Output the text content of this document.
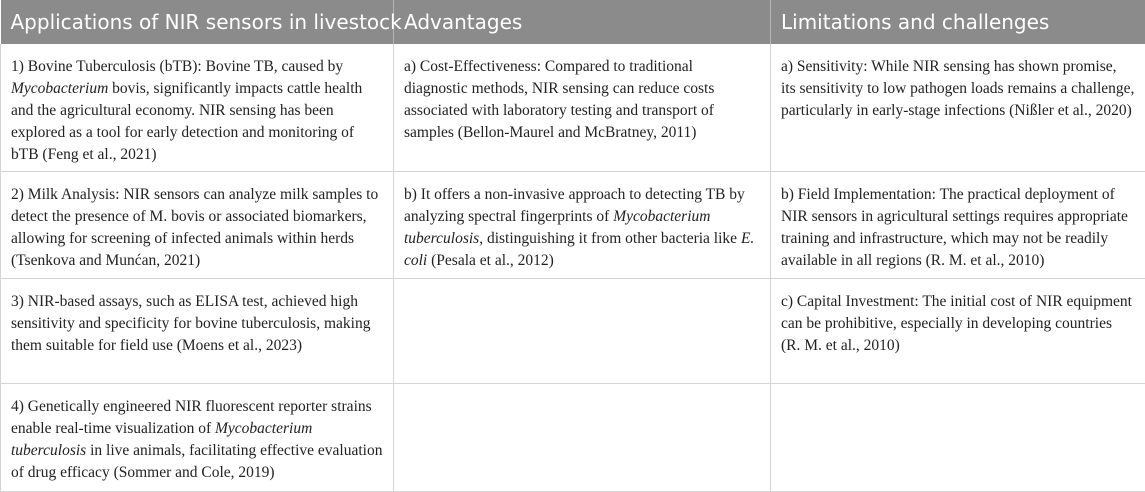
Applications of NIR sensors in livestock	Advantages	Limitations and challenges
1) Bovine Tuberculosis (bTB): Bovine TB, caused by Mycobacterium bovis, significantly impacts cattle health and the agricultural economy. NIR sensing has been explored as a tool for early detection and monitoring of bTB (Feng et al., 2021)	a) Cost-Effectiveness: Compared to traditional diagnostic methods, NIR sensing can reduce costs associated with laboratory testing and transport of samples (Bellon-Maurel and McBratney, 2011)	a) Sensitivity: While NIR sensing has shown promise, its sensitivity to low pathogen loads remains a challenge, particularly in early-stage infections (Nißler et al., 2020)
2) Milk Analysis: NIR sensors can analyze milk samples to detect the presence of M. bovis or associated biomarkers, allowing for screening of infected animals within herds (Tsenkova and Munćan, 2021)	b) It offers a non-invasive approach to detecting TB by analyzing spectral fingerprints of Mycobacterium tuberculosis, distinguishing it from other bacteria like E. coli (Pesala et al., 2012)	b) Field Implementation: The practical deployment of NIR sensors in agricultural settings requires appropriate training and infrastructure, which may not be readily available in all regions (R. M. et al., 2010)
3) NIR-based assays, such as ELISA test, achieved high sensitivity and specificity for bovine tuberculosis, making them suitable for field use (Moens et al., 2023)		c) Capital Investment: The initial cost of NIR equipment can be prohibitive, especially in developing countries (R. M. et al., 2010)
4) Genetically engineered NIR fluorescent reporter strains enable real-time visualization of Mycobacterium tuberculosis in live animals, facilitating effective evaluation of drug efficacy (Sommer and Cole, 2019)		
